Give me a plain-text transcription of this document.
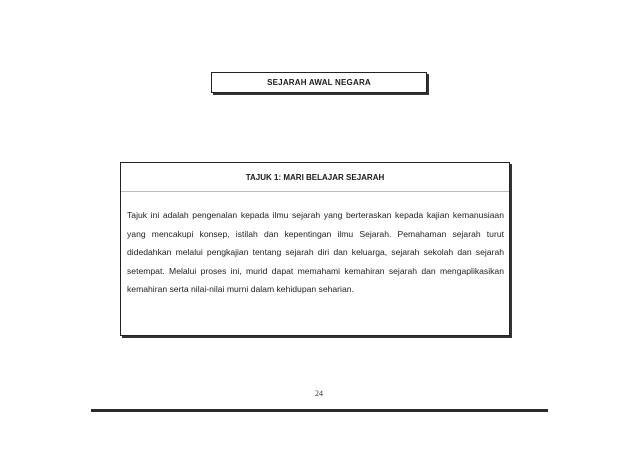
SEJARAH AWAL NEGARA
TAJUK 1: MARI BELAJAR SEJARAH
Tajuk ini adalah pengenalan kepada ilmu sejarah yang berteraskan kepada kajian kemanusiaan yang mencakupi konsep, istilah dan kepentingan ilmu Sejarah. Pemahaman sejarah turut didedahkan melalui pengkajian tentang sejarah diri dan keluarga, sejarah sekolah dan sejarah setempat. Melalui proses ini, murid dapat memahami kemahiran sejarah dan mengaplikasikan kemahiran serta nilai-nilai murni dalam kehidupan seharian.
24
